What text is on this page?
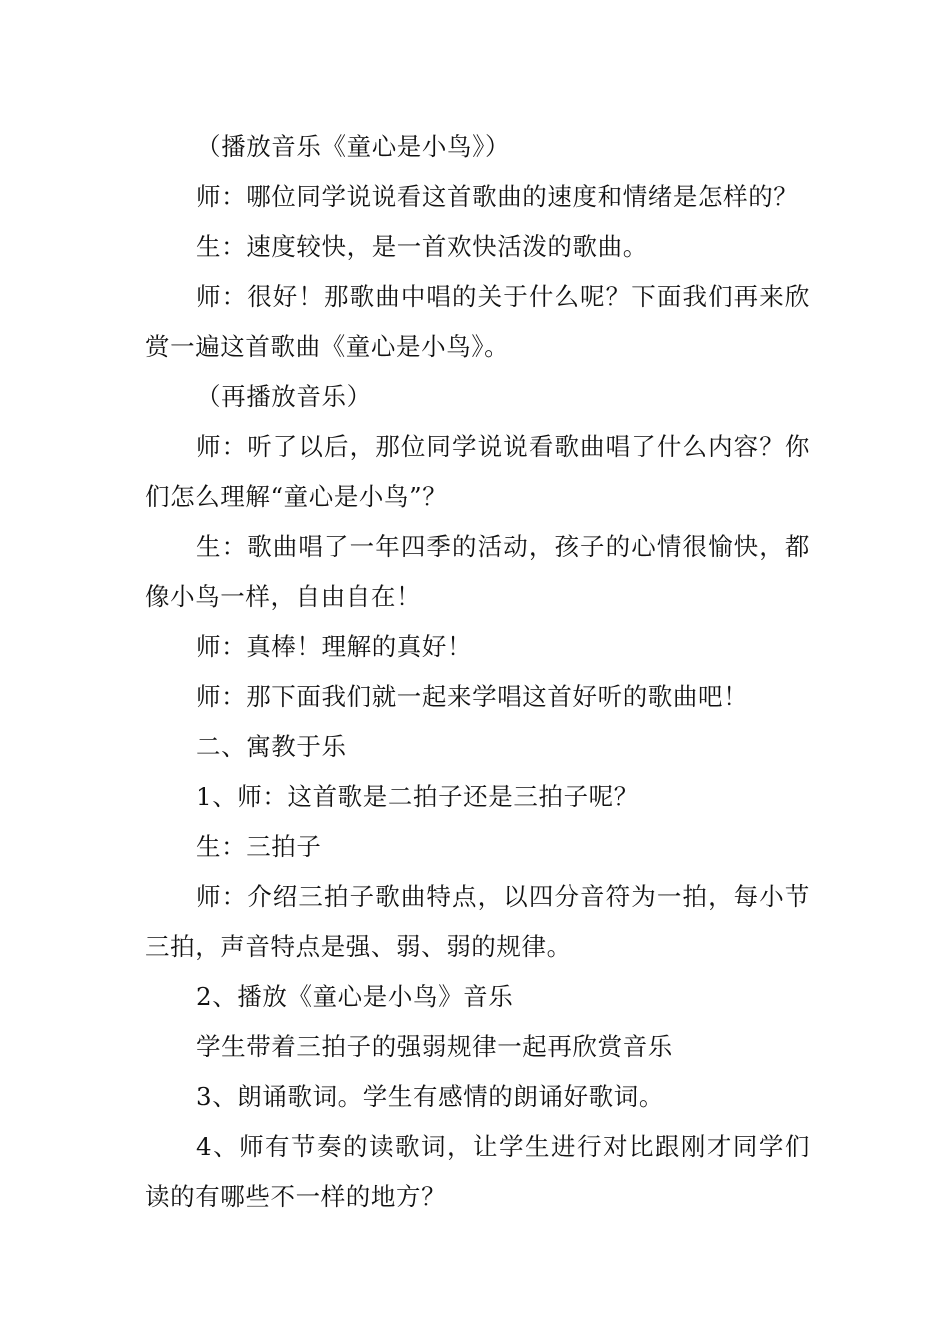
（播放音乐《童心是小鸟》）

师：哪位同学说说看这首歌曲的速度和情绪是怎样的？

生：速度较快，是一首欢快活泼的歌曲。

师：很好！那歌曲中唱的关于什么呢？下面我们再来欣赏一遍这首歌曲《童心是小鸟》。

（再播放音乐）

师：听了以后，那位同学说说看歌曲唱了什么内容？你们怎么理解“童心是小鸟”？

生：歌曲唱了一年四季的活动，孩子的心情很愉快，都像小鸟一样，自由自在！

师：真棒！理解的真好！

师：那下面我们就一起来学唱这首好听的歌曲吧！

二、寓教于乐

1、师：这首歌是二拍子还是三拍子呢？

生：三拍子

师：介绍三拍子歌曲特点，以四分音符为一拍，每小节三拍，声音特点是强、弱、弱的规律。

2、播放《童心是小鸟》音乐

学生带着三拍子的强弱规律一起再欣赏音乐

3、朗诵歌词。学生有感情的朗诵好歌词。

4、师有节奏的读歌词，让学生进行对比跟刚才同学们读的有哪些不一样的地方？
